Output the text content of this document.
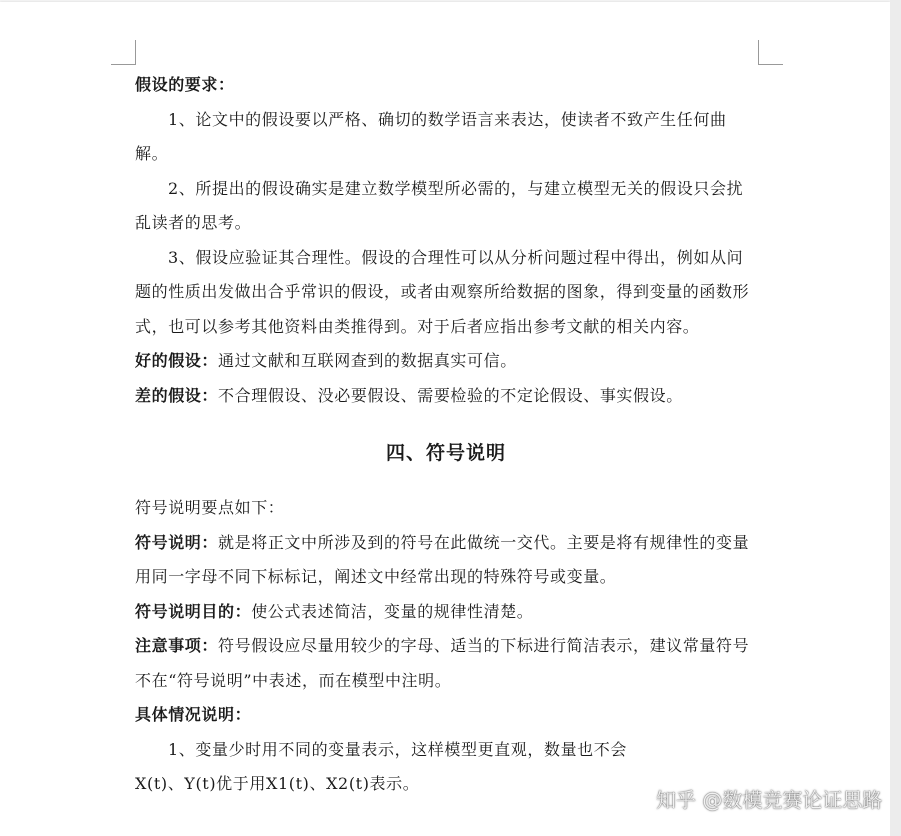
假设的要求：

1、论文中的假设要以严格、确切的数学语言来表达，使读者不致产生任何曲解。

2、所提出的假设确实是建立数学模型所必需的，与建立模型无关的假设只会扰乱读者的思考。

3、假设应验证其合理性。假设的合理性可以从分析问题过程中得出，例如从问题的性质出发做出合乎常识的假设，或者由观察所给数据的图象，得到变量的函数形式，也可以参考其他资料由类推得到。对于后者应指出参考文献的相关内容。

好的假设：通过文献和互联网查到的数据真实可信。

差的假设：不合理假设、没必要假设、需要检验的不定论假设、事实假设。

四、符号说明

符号说明要点如下：

符号说明：就是将正文中所涉及到的符号在此做统一交代。主要是将有规律性的变量用同一字母不同下标标记，阐述文中经常出现的特殊符号或变量。

符号说明目的：使公式表述简洁，变量的规律性清楚。

注意事项：符号假设应尽量用较少的字母、适当的下标进行简洁表示，建议常量符号不在“符号说明”中表述，而在模型中注明。

具体情况说明：

1、变量少时用不同的变量表示，这样模型更直观，数量也不会

X(t)、Y(t)优于用X1(t)、X2(t)表示。

知乎 @数模竞赛论证思路
